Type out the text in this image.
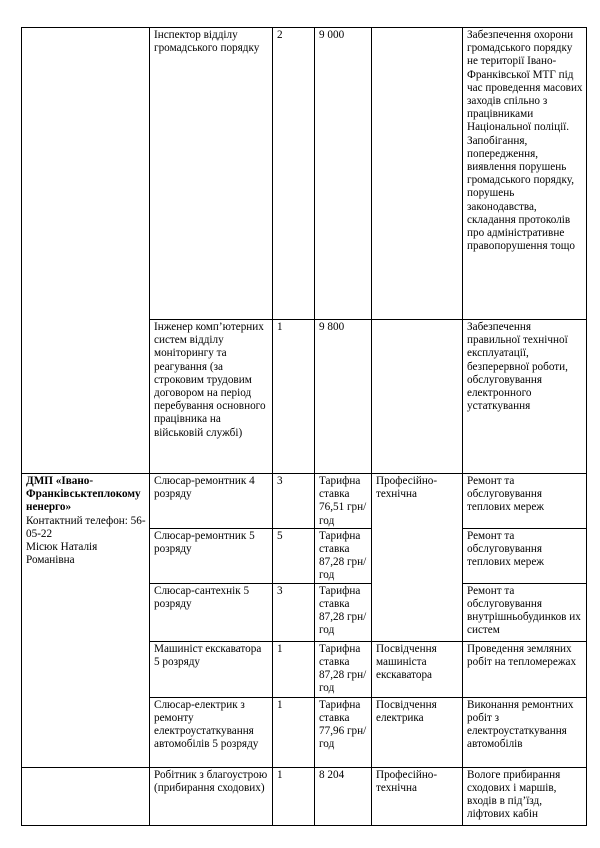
	Інспектор відділу громадського порядку	2	9 000		Забезпечення охорони громадського порядку не території Івано-Франківської МТГ під час проведення масових заходів спільно з працівниками Національної поліції. Запобігання, попередження, виявлення порушень громадського порядку, порушень законодавства, складання протоколів про адміністративне правопорушення тощо
	Інженер комп’ютерних систем відділу моніторингу та реагування (за строковим трудовим договором на період перебування основного працівника на військовій службі)	1	9 800		Забезпечення правильної технічної експлуатації, безперервної роботи, обслуговування електронного устаткування

ДМП «Івано-Франківськтеплокому ненерго»
Контактний телефон: 56-05-22
Місюк Наталія Романівна	Слюсар-ремонтник 4 розряду	3	Тарифна ставка 76,51 грн/год	Професійно-технічна	Ремонт та обслуговування теплових мереж
	Слюсар-ремонтник 5 розряду	5	Тарифна ставка 87,28 грн/год		Ремонт та обслуговування теплових мереж
	Слюсар-сантехнік 5 розряду	3	Тарифна ставка 87,28 грн/год		Ремонт та обслуговування внутрішньобудинков их систем
	Машиніст екскаватора 5 розряду	1	Тарифна ставка 87,28 грн/год	Посвідчення машиніста екскаватора	Проведення земляних робіт на тепломережах
	Слюсар-електрик з ремонту електроустаткування автомобілів 5 розряду	1	Тарифна ставка 77,96 грн/год	Посвідчення електрика	Виконання ремонтних робіт з електроустаткування автомобілів
	Робітник з благоустрою (прибирання сходових)	1	8 204	Професійно-технічна	Вологе прибирання сходових і маршів, входів в під’їзд, ліфтових кабін
